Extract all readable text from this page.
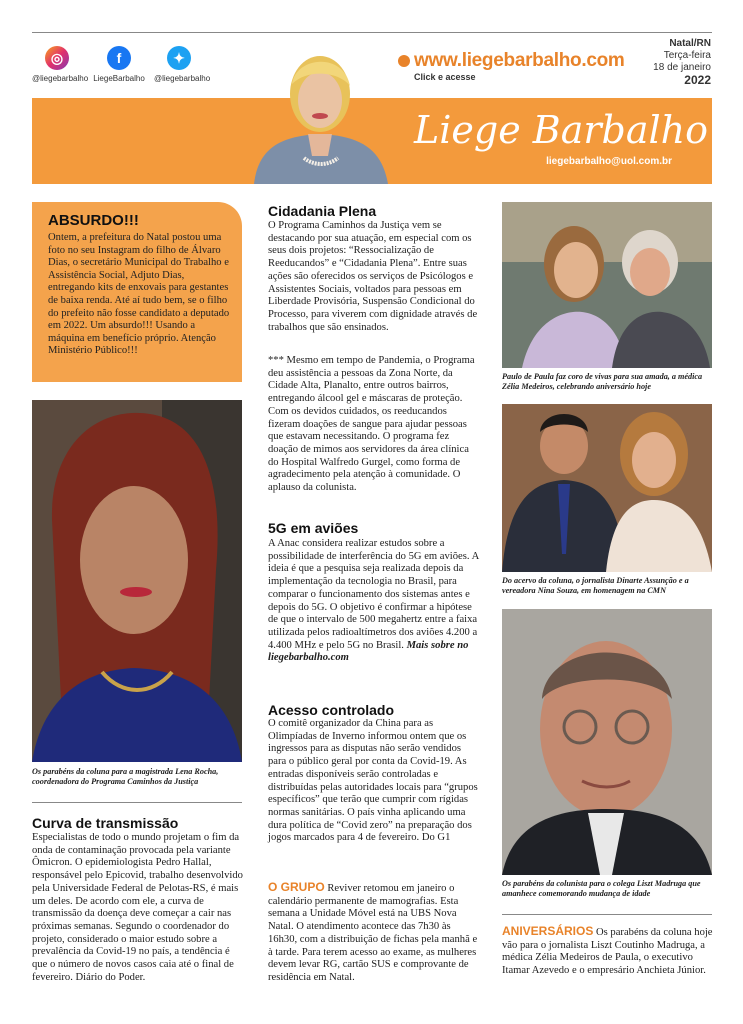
◎
@liegebarbalho
f
LiegeBarbalho
✦
@liegebarbalho
Liege Barbalho
liegebarbalho@uol.com.br
www.liegebarbalho.com
Click e acesse
Natal/RN
Terça-feira
18 de janeiro
2022
ABSURDO!!!

Ontem, a prefeitura do Natal postou uma foto no seu Instagram do filho de Álvaro Dias, o secretário Municipal do Trabalho e Assistência Social, Adjuto Dias, entregando kits de enxovais para gestantes de baixa renda. Até aí tudo bem, se o filho do prefeito não fosse candidato a deputado em 2022. Um absurdo!!! Usando a máquina em benefício próprio. Atenção Ministério Público!!!

Os parabéns da coluna para a magistrada Lena Rocha, coordenadora do Programa Caminhos da Justiça
Curva de transmissão
Especialistas de todo o mundo projetam o fim da onda de contaminação provocada pela variante Ômicron. O epidemiologista Pedro Hallal, responsável pelo Epicovid, trabalho desenvolvido pela Universidade Federal de Pelotas-RS, é mais um deles. De acordo com ele, a curva de transmissão da doença deve começar a cair nas próximas semanas. Segundo o coordenador do projeto, considerado o maior estudo sobre a prevalência da Covid-19 no país, a tendência é que o número de novos casos caia até o final de fevereiro. Diário do Poder.
Cidadania Plena
O Programa Caminhos da Justiça vem se destacando por sua atuação, em especial com os seus dois projetos: “Ressocialização de Reeducandos” e “Cidadania Plena”. Entre suas ações são oferecidos os serviços de Psicólogos e Assistentes Sociais, voltados para pessoas em Liberdade Provisória, Suspensão Condicional do Processo, para viverem com dignidade através de trabalhos que são ensinados.
*** Mesmo em tempo de Pandemia, o Programa deu assistência a pessoas da Zona Norte, da Cidade Alta, Planalto, entre outros bairros, entregando álcool gel e máscaras de proteção. Com os devidos cuidados, os reeducandos fizeram doações de sangue para ajudar pessoas que estavam necessitando. O programa fez doação de mimos aos servidores da área clínica do Hospital Walfredo Gurgel, como forma de agradecimento pela atenção à comunidade. O aplauso da colunista.
5G em aviões
A Anac considera realizar estudos sobre a possibilidade de interferência do 5G em aviões. A ideia é que a pesquisa seja realizada depois da implementação da tecnologia no Brasil, para comparar o funcionamento dos sistemas antes e depois do 5G. O objetivo é confirmar a hipótese de que o intervalo de 500 megahertz entre a faixa utilizada pelos radioaltímetros dos aviões 4.200 a 4.400 MHz e pelo 5G no Brasil. Mais sobre no liegebarbalho.com
Acesso controlado
O comitê organizador da China para as Olimpíadas de Inverno informou ontem que os ingressos para as disputas não serão vendidos para o público geral por conta da Covid-19. As entradas disponíveis serão controladas e distribuídas pelas autoridades locais para “grupos específicos” que terão que cumprir com rígidas normas sanitárias. O país vinha aplicando uma dura política de “Covid zero” na preparação dos jogos marcados para 4 de fevereiro. Do G1
O GRUPO Reviver retomou em janeiro o calendário permanente de mamografias. Esta semana a Unidade Móvel está na UBS Nova Natal. O atendimento acontece das 7h30 às 16h30, com a distribuição de fichas pela manhã e à tarde. Para terem acesso ao exame, as mulheres devem levar RG, cartão SUS e comprovante de residência em Natal.
Paulo de Paula faz coro de vivas para sua amada, a médica Zélia Medeiros, celebrando aniversário hoje
Do acervo da coluna, o jornalista Dinarte Assunção e a vereadora Nina Souza, em homenagem na CMN
Os parabéns da colunista para o colega Liszt Madruga que amanhece comemorando mudança de idade
ANIVERSÁRIOS Os parabéns da coluna hoje vão para o jornalista Liszt Coutinho Madruga, a médica Zélia Medeiros de Paula, o executivo Itamar Azevedo e o empresário Anchieta Júnior.
